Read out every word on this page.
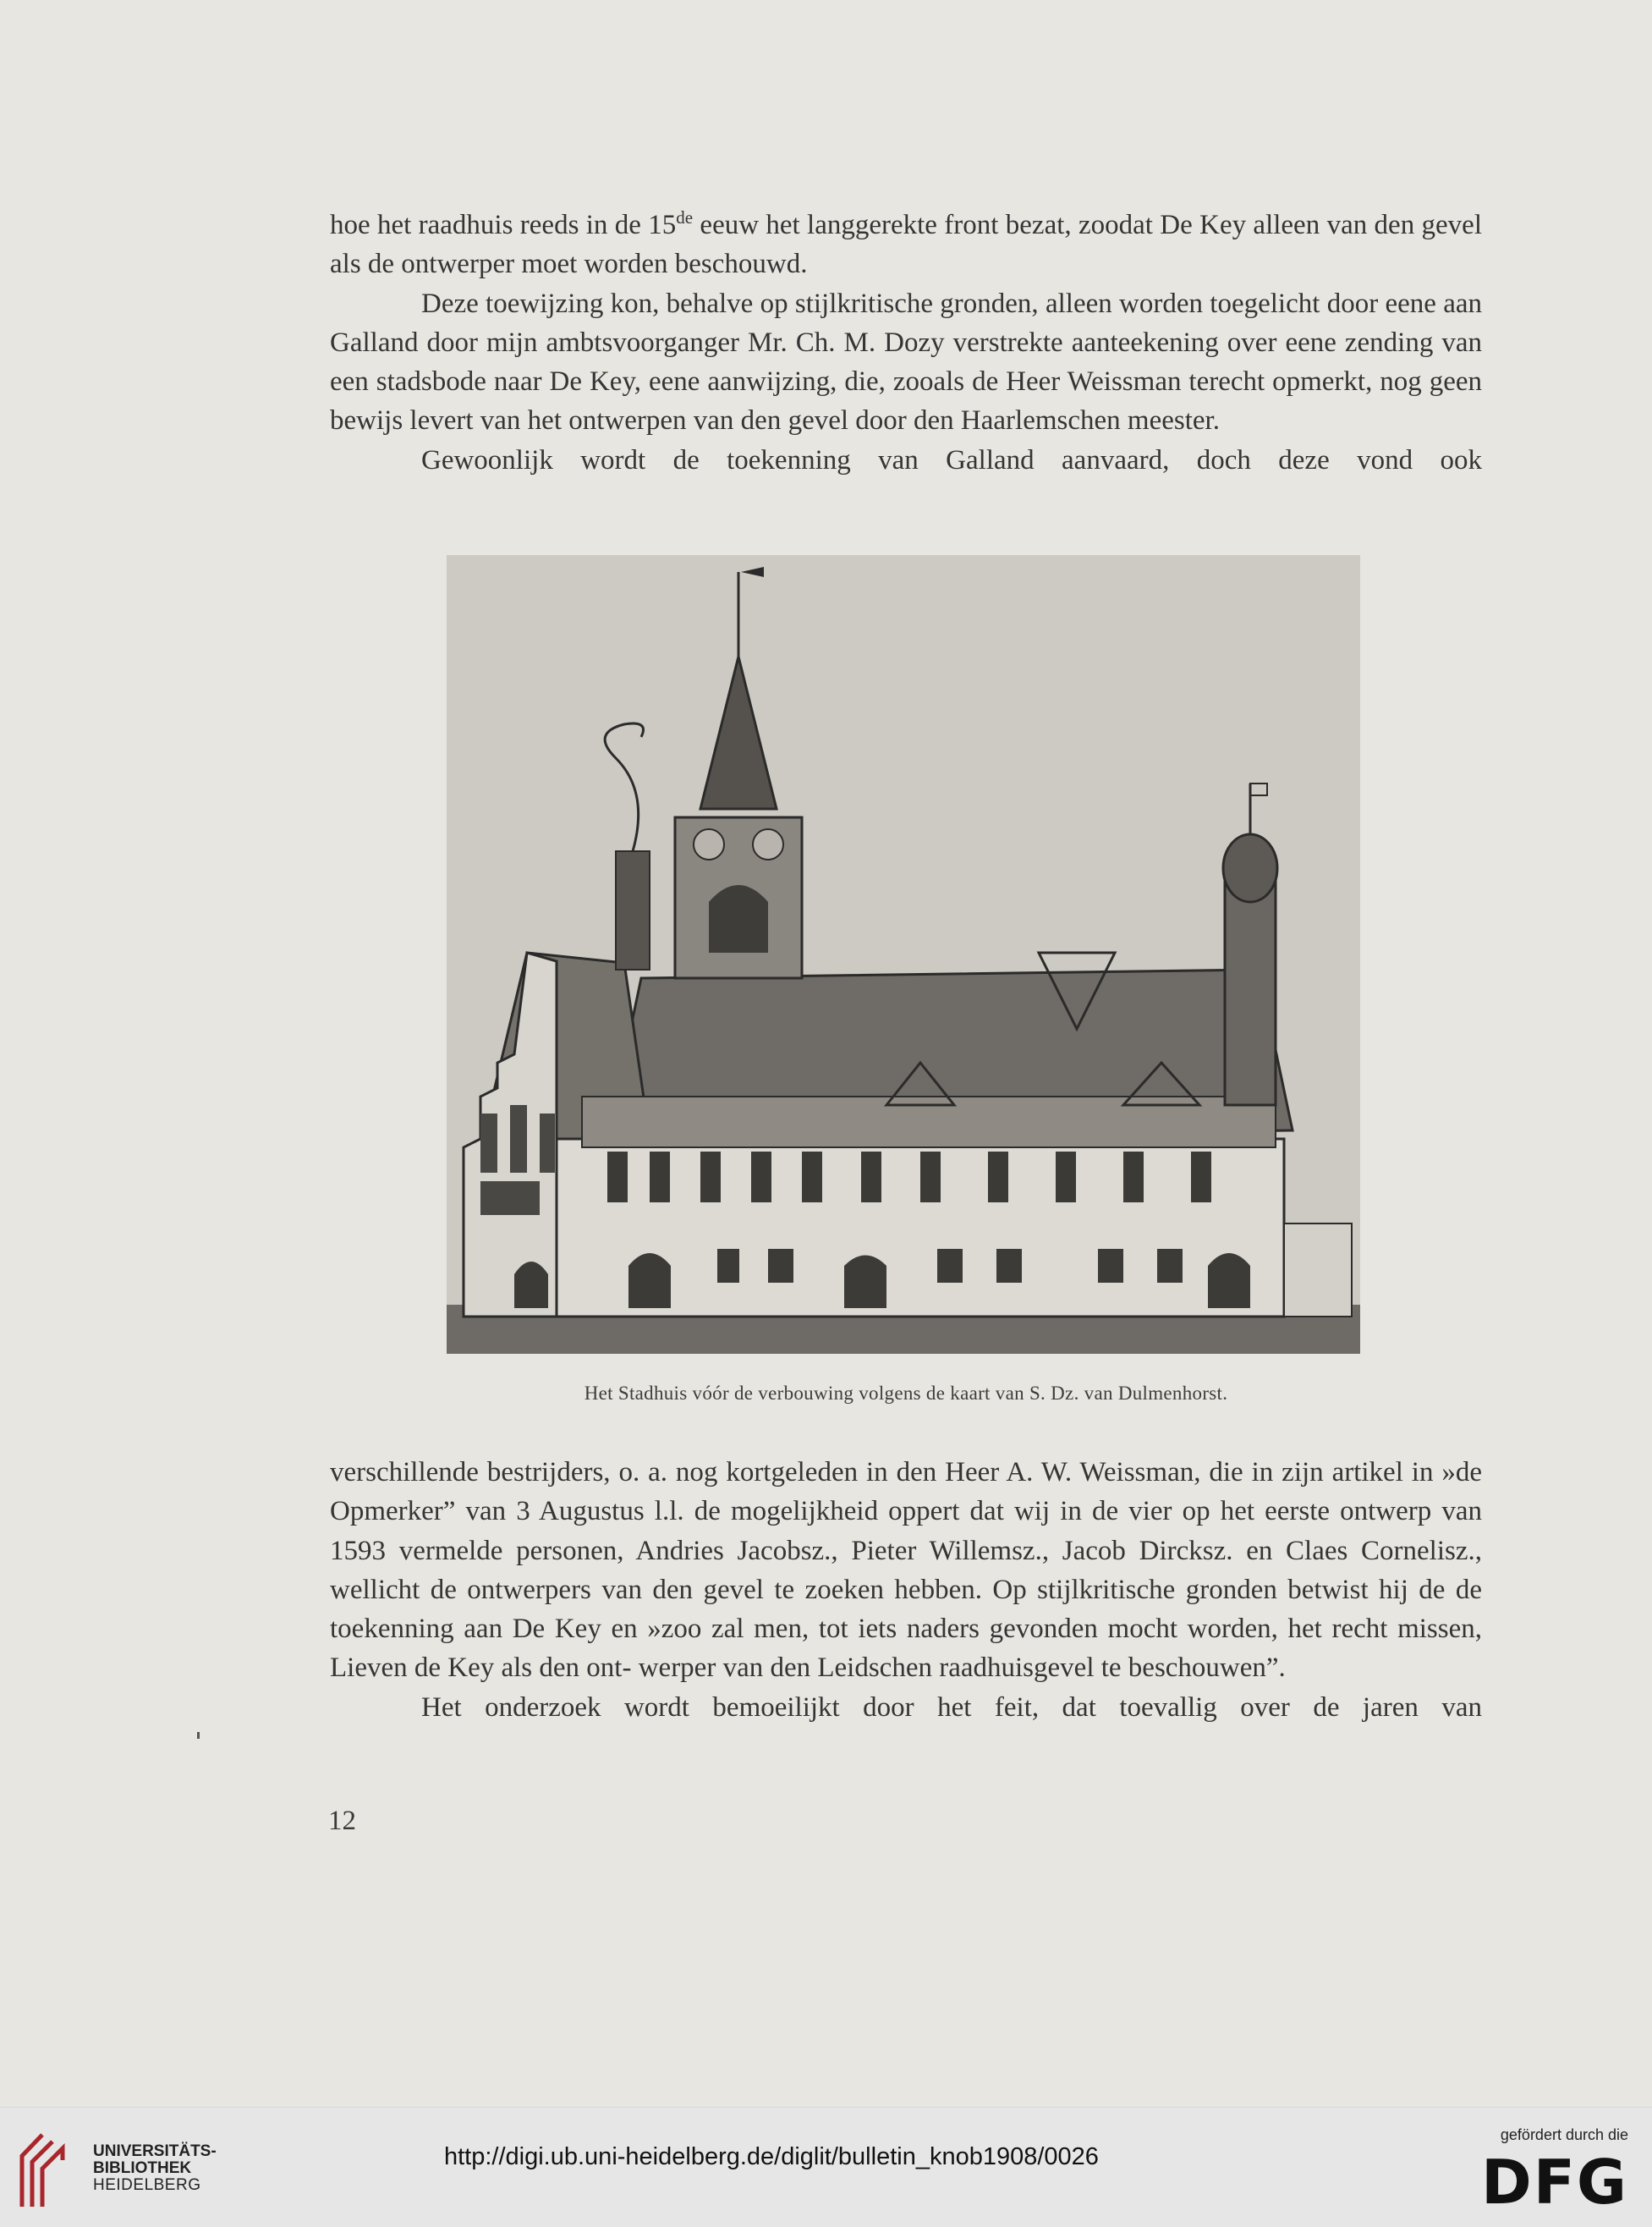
hoe het raadhuis reeds in de 15de eeuw het langgerekte front bezat, zoodat De Key alleen van den gevel als de ontwerper moet worden beschouwd.

Deze toewijzing kon, behalve op stijlkritische gronden, alleen worden toegelicht door eene aan Galland door mijn ambtsvoorganger Mr. Ch. M. Dozy verstrekte aanteekening over eene zending van een stadsbode naar De Key, eene aanwijzing, die, zooals de Heer Weissman terecht opmerkt, nog geen bewijs levert van het ontwerpen van den gevel door den Haarlemschen meester.

Gewoonlijk wordt de toekenning van Galland aanvaard, doch deze vond ook

Het Stadhuis vóór de verbouwing volgens de kaart van S. Dz. van Dulmenhorst.

verschillende bestrijders, o. a. nog kortgeleden in den Heer A. W. Weissman, die in zijn artikel in »de Opmerker” van 3 Augustus l.l. de mogelijkheid oppert dat wij in de vier op het eerste ontwerp van 1593 vermelde personen, Andries Jacobsz., Pieter Willemsz., Jacob Dircksz. en Claes Cornelisz., wellicht de ontwerpers van den gevel te zoeken hebben. Op stijlkritische gronden betwist hij de de toekenning aan De Key en »zoo zal men, tot iets naders gevonden mocht worden, het recht missen, Lieven de Key als den ont- werper van den Leidschen raadhuisgevel te beschouwen”.

Het onderzoek wordt bemoeilijkt door het feit, dat toevallig over de jaren van

12
UNIVERSITÄTS-
BIBLIOTHEK
HEIDELBERG
http://digi.ub.uni-heidelberg.de/diglit/bulletin_knob1908/0026
gefördert durch die
DFG
